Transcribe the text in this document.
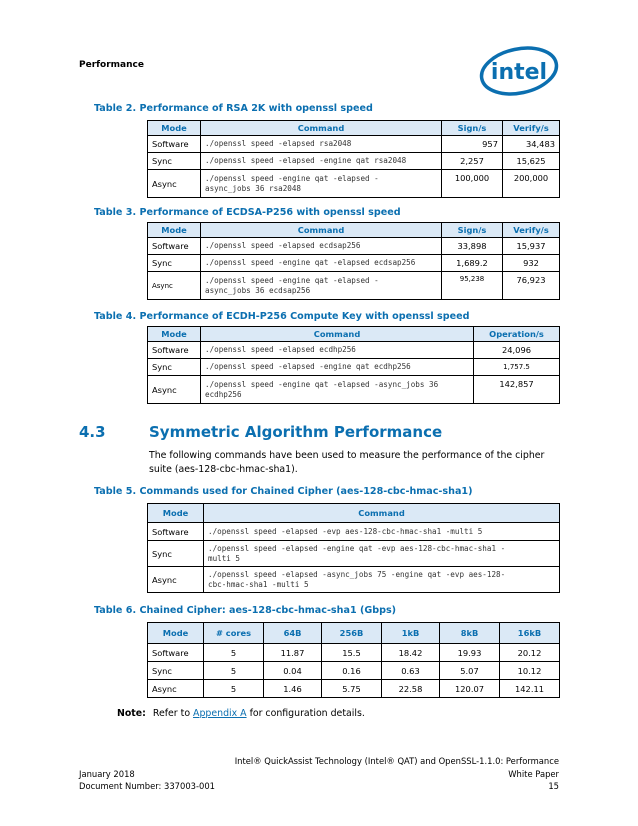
Performance	intel
Table 2. Performance of RSA 2K with openssl speed
Mode	Command	Sign/s	Verify/s
Software	./openssl speed -elapsed rsa2048	957	34,483
Sync	./openssl speed -elapsed -engine qat rsa2048	2,257	15,625
Async	./openssl speed -engine qat -elapsed -
async_jobs 36 rsa2048	100,000	200,000
Table 3. Performance of ECDSA-P256 with openssl speed
Mode	Command	Sign/s	Verify/s
Software	./openssl speed -elapsed ecdsap256	33,898	15,937
Sync	./openssl speed -engine qat -elapsed ecdsap256	1,689.2	932
Async	./openssl speed -engine qat -elapsed -
async_jobs 36 ecdsap256	95,238	76,923
Table 4. Performance of ECDH-P256 Compute Key with openssl speed
Mode	Command	Operation/s
Software	./openssl speed -elapsed ecdhp256	24,096
Sync	./openssl speed -elapsed -engine qat ecdhp256	1,757.5
Async	./openssl speed -engine qat -elapsed -async_jobs 36
ecdhp256	142,857
4.3	Symmetric Algorithm Performance
The following commands have been used to measure the performance of the cipher suite (aes-128-cbc-hmac-sha1).
Table 5. Commands used for Chained Cipher (aes-128-cbc-hmac-sha1)
Mode	Command
Software	./openssl speed -elapsed -evp aes-128-cbc-hmac-sha1 -multi 5
Sync	./openssl speed -elapsed -engine qat -evp aes-128-cbc-hmac-sha1 -
multi 5
Async	./openssl speed -elapsed -async_jobs 75 -engine qat -evp aes-128-
cbc-hmac-sha1 -multi 5
Table 6. Chained Cipher: aes-128-cbc-hmac-sha1 (Gbps)
Mode	# cores	64B	256B	1kB	8kB	16kB
Software	5	11.87	15.5	18.42	19.93	20.12
Sync	5	0.04	0.16	0.63	5.07	10.12
Async	5	1.46	5.75	22.58	120.07	142.11
Note: Refer to Appendix A for configuration details.
Intel® QuickAssist Technology (Intel® QAT) and OpenSSL-1.1.0: Performance
January 2018	White Paper
Document Number: 337003-001	15
